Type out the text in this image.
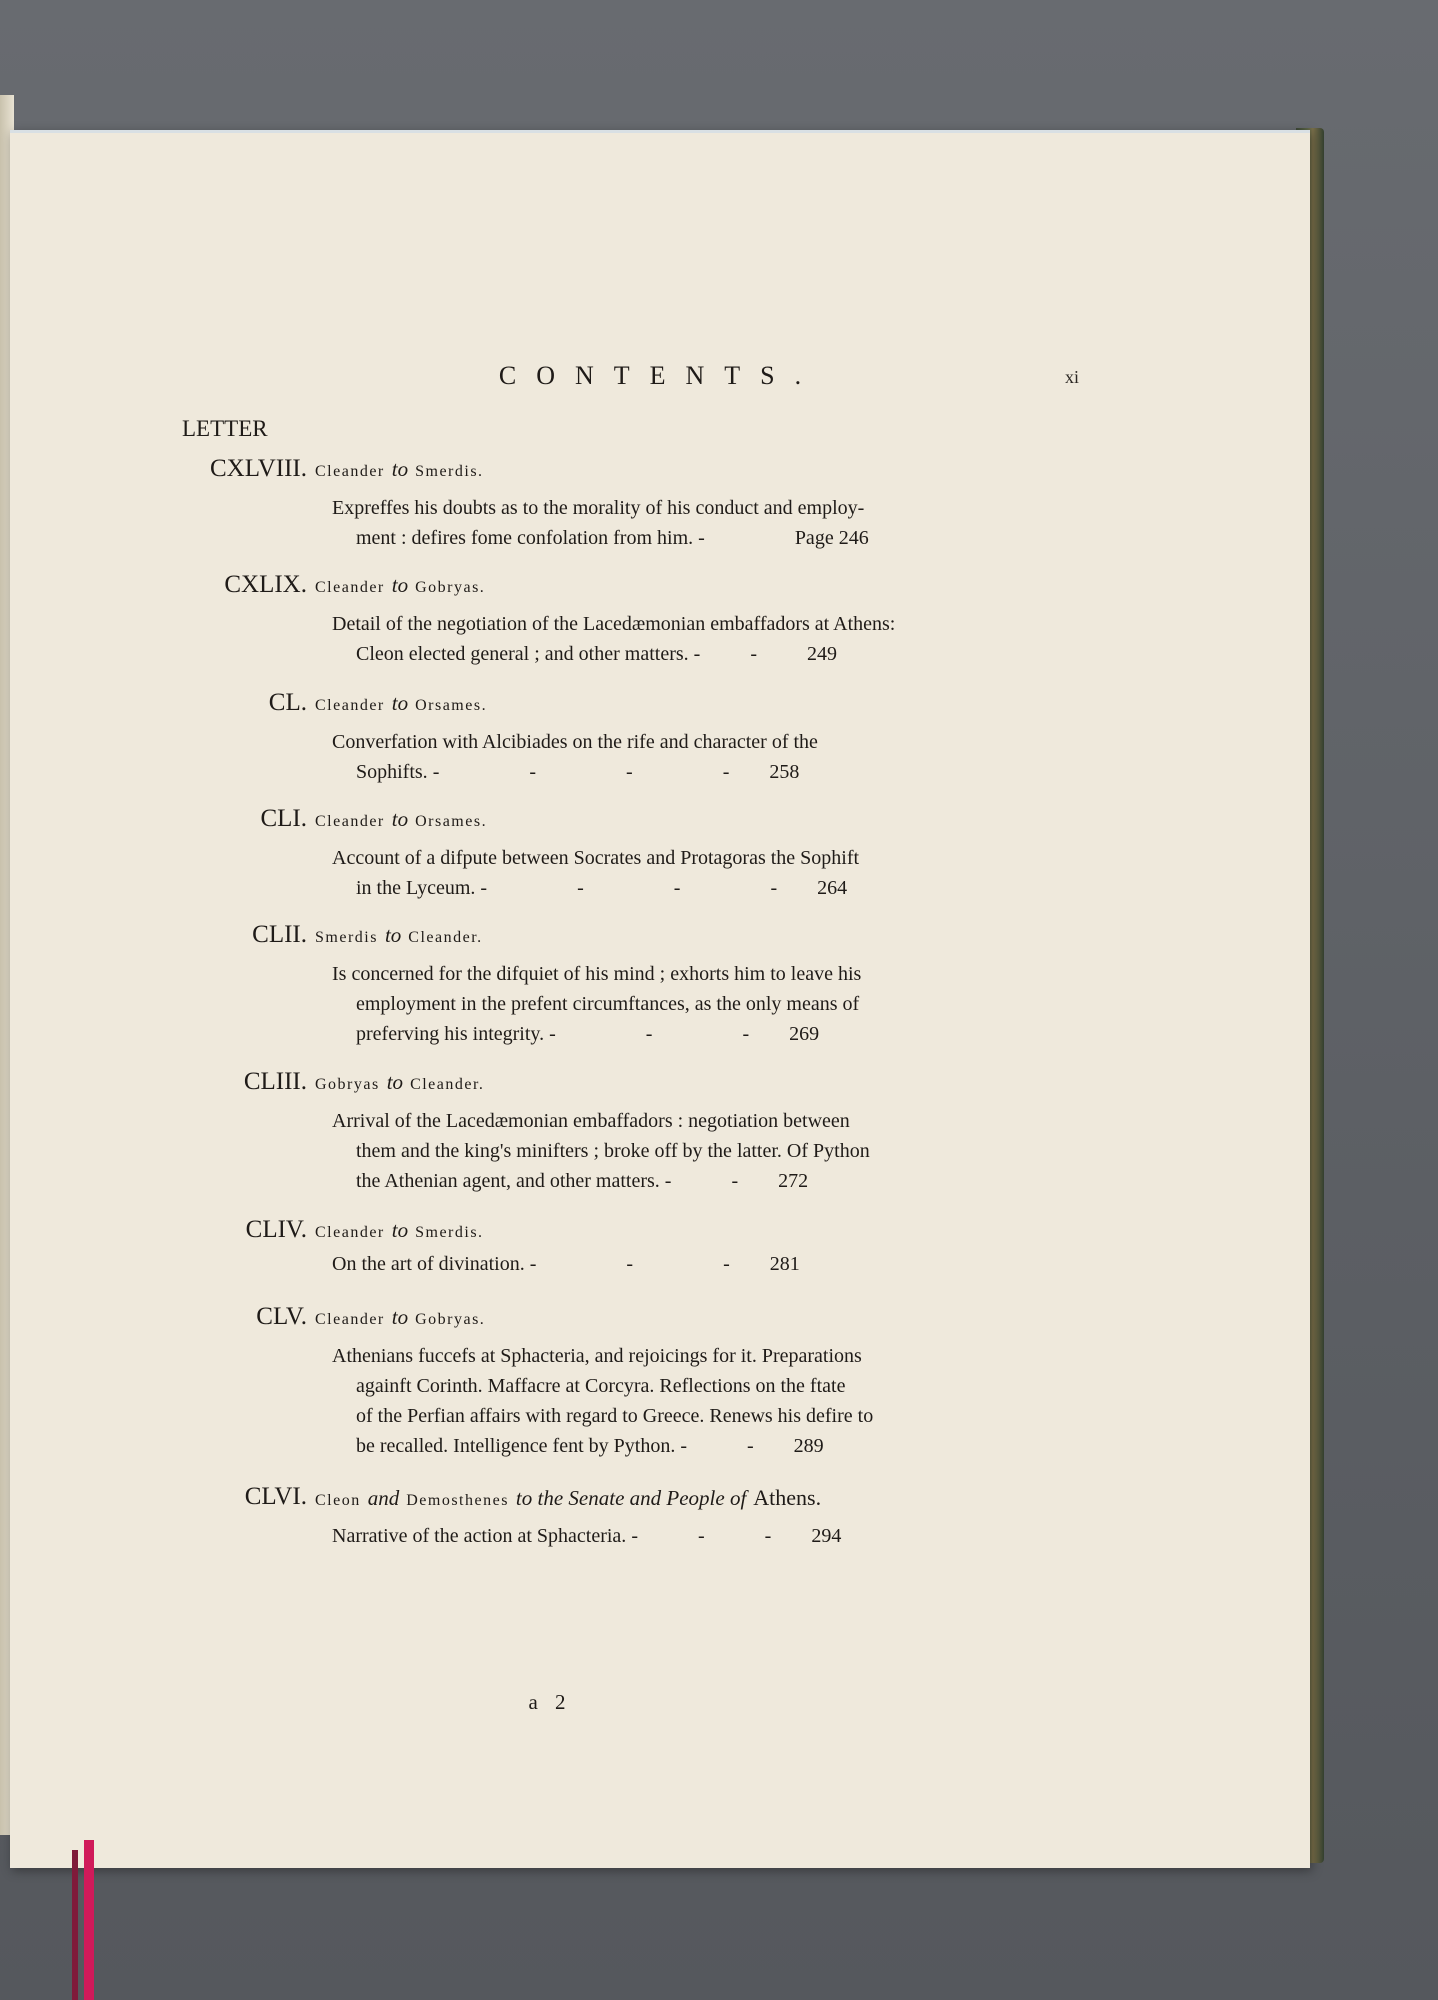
CONTENTS.	xi
LETTER
CXLVIII. Cleander to Smerdis.
Expreffes his doubts as to the morality of his conduct and employ-
ment : defires fome confolation from him. -	Page 246
CXLIX. Cleander to Gobryas.
Detail of the negotiation of the Lacedæmonian embaffadors at Athens:
Cleon elected general ; and other matters. -	-	249
CL. Cleander to Orsames.
Converfation with Alcibiades on the rife and character of the
Sophifts. -	-	-	- 258
CLI. Cleander to Orsames.
Account of a difpute between Socrates and Protagoras the Sophift
in the Lyceum. -	-	-	- 264
CLII. Smerdis to Cleander.
Is concerned for the difquiet of his mind ; exhorts him to leave his
employment in the prefent circumftances, as the only means of
preferving his integrity. -	-	- 269
CLIII. Gobryas to Cleander.
Arrival of the Lacedæmonian embaffadors : negotiation between
them and the king's minifters ; broke off by the latter. Of Python
the Athenian agent, and other matters. -	- 272
CLIV. Cleander to Smerdis.
On the art of divination. -	-	- 281
CLV. Cleander to Gobryas.
Athenians fuccefs at Sphacteria, and rejoicings for it. Preparations
againft Corinth. Maffacre at Corcyra. Reflections on the ftate
of the Perfian affairs with regard to Greece. Renews his defire to
be recalled. Intelligence fent by Python. -	- 289
CLVI. Cleon and Demosthenes to the Senate and People of Athens.
Narrative of the action at Sphacteria. -	-	- 294
a 2
